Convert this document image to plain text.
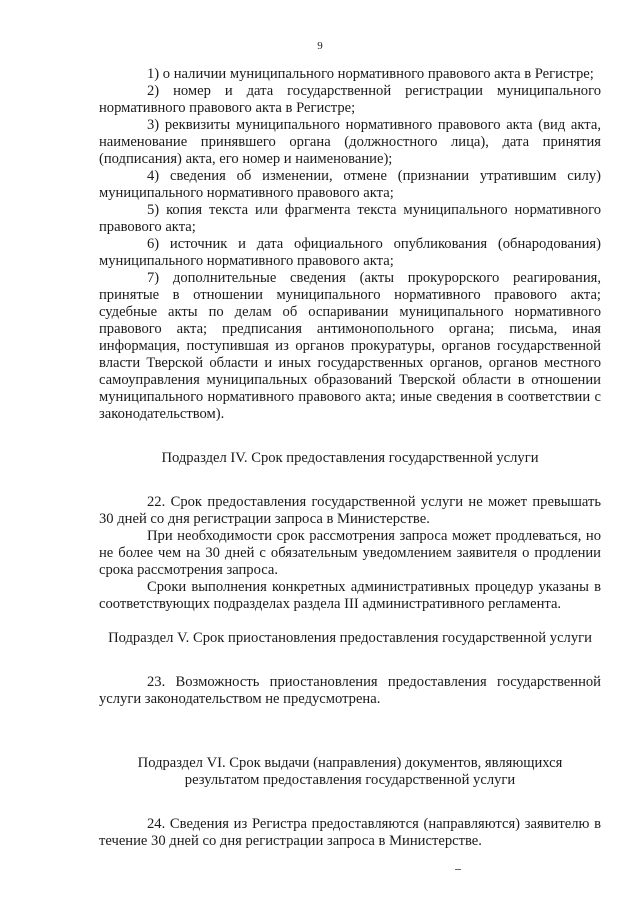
9

1) о наличии муниципального нормативного правового акта в Регистре;

2) номер и дата государственной регистрации муниципального нормативного правового акта в Регистре;

3) реквизиты муниципального нормативного правового акта (вид акта, наименование принявшего органа (должностного лица), дата принятия (подписания) акта, его номер и наименование);

4) сведения об изменении, отмене (признании утратившим силу) муниципального нормативного правового акта;

5) копия текста или фрагмента текста муниципального нормативного правового акта;

6) источник и дата официального опубликования (обнародования) муниципального нормативного правового акта;

7) дополнительные сведения (акты прокурорского реагирования, принятые в отношении муниципального нормативного правового акта; судебные акты по делам об оспаривании муниципального нормативного правового акта; предписания антимонопольного органа; письма, иная информация, поступившая из органов прокуратуры, органов государственной власти Тверской области и иных государственных органов, органов местного самоуправления муниципальных образований Тверской области в отношении муниципального нормативного правового акта; иные сведения в соответствии с законодательством).

Подраздел IV. Срок предоставления государственной услуги

22. Срок предоставления государственной услуги не может превышать 30 дней со дня регистрации запроса в Министерстве.

При необходимости срок рассмотрения запроса может продлеваться, но не более чем на 30 дней с обязательным уведомлением заявителя о продлении срока рассмотрения запроса.

Сроки выполнения конкретных административных процедур указаны в соответствующих подразделах раздела III административного регламента.

Подраздел V. Срок приостановления предоставления государственной услуги

23. Возможность приостановления предоставления государственной услуги законодательством не предусмотрена.

Подраздел VI. Срок выдачи (направления) документов, являющихся

результатом предоставления государственной услуги

24. Сведения из Регистра предоставляются (направляются) заявителю в течение 30 дней со дня регистрации запроса в Министерстве.
